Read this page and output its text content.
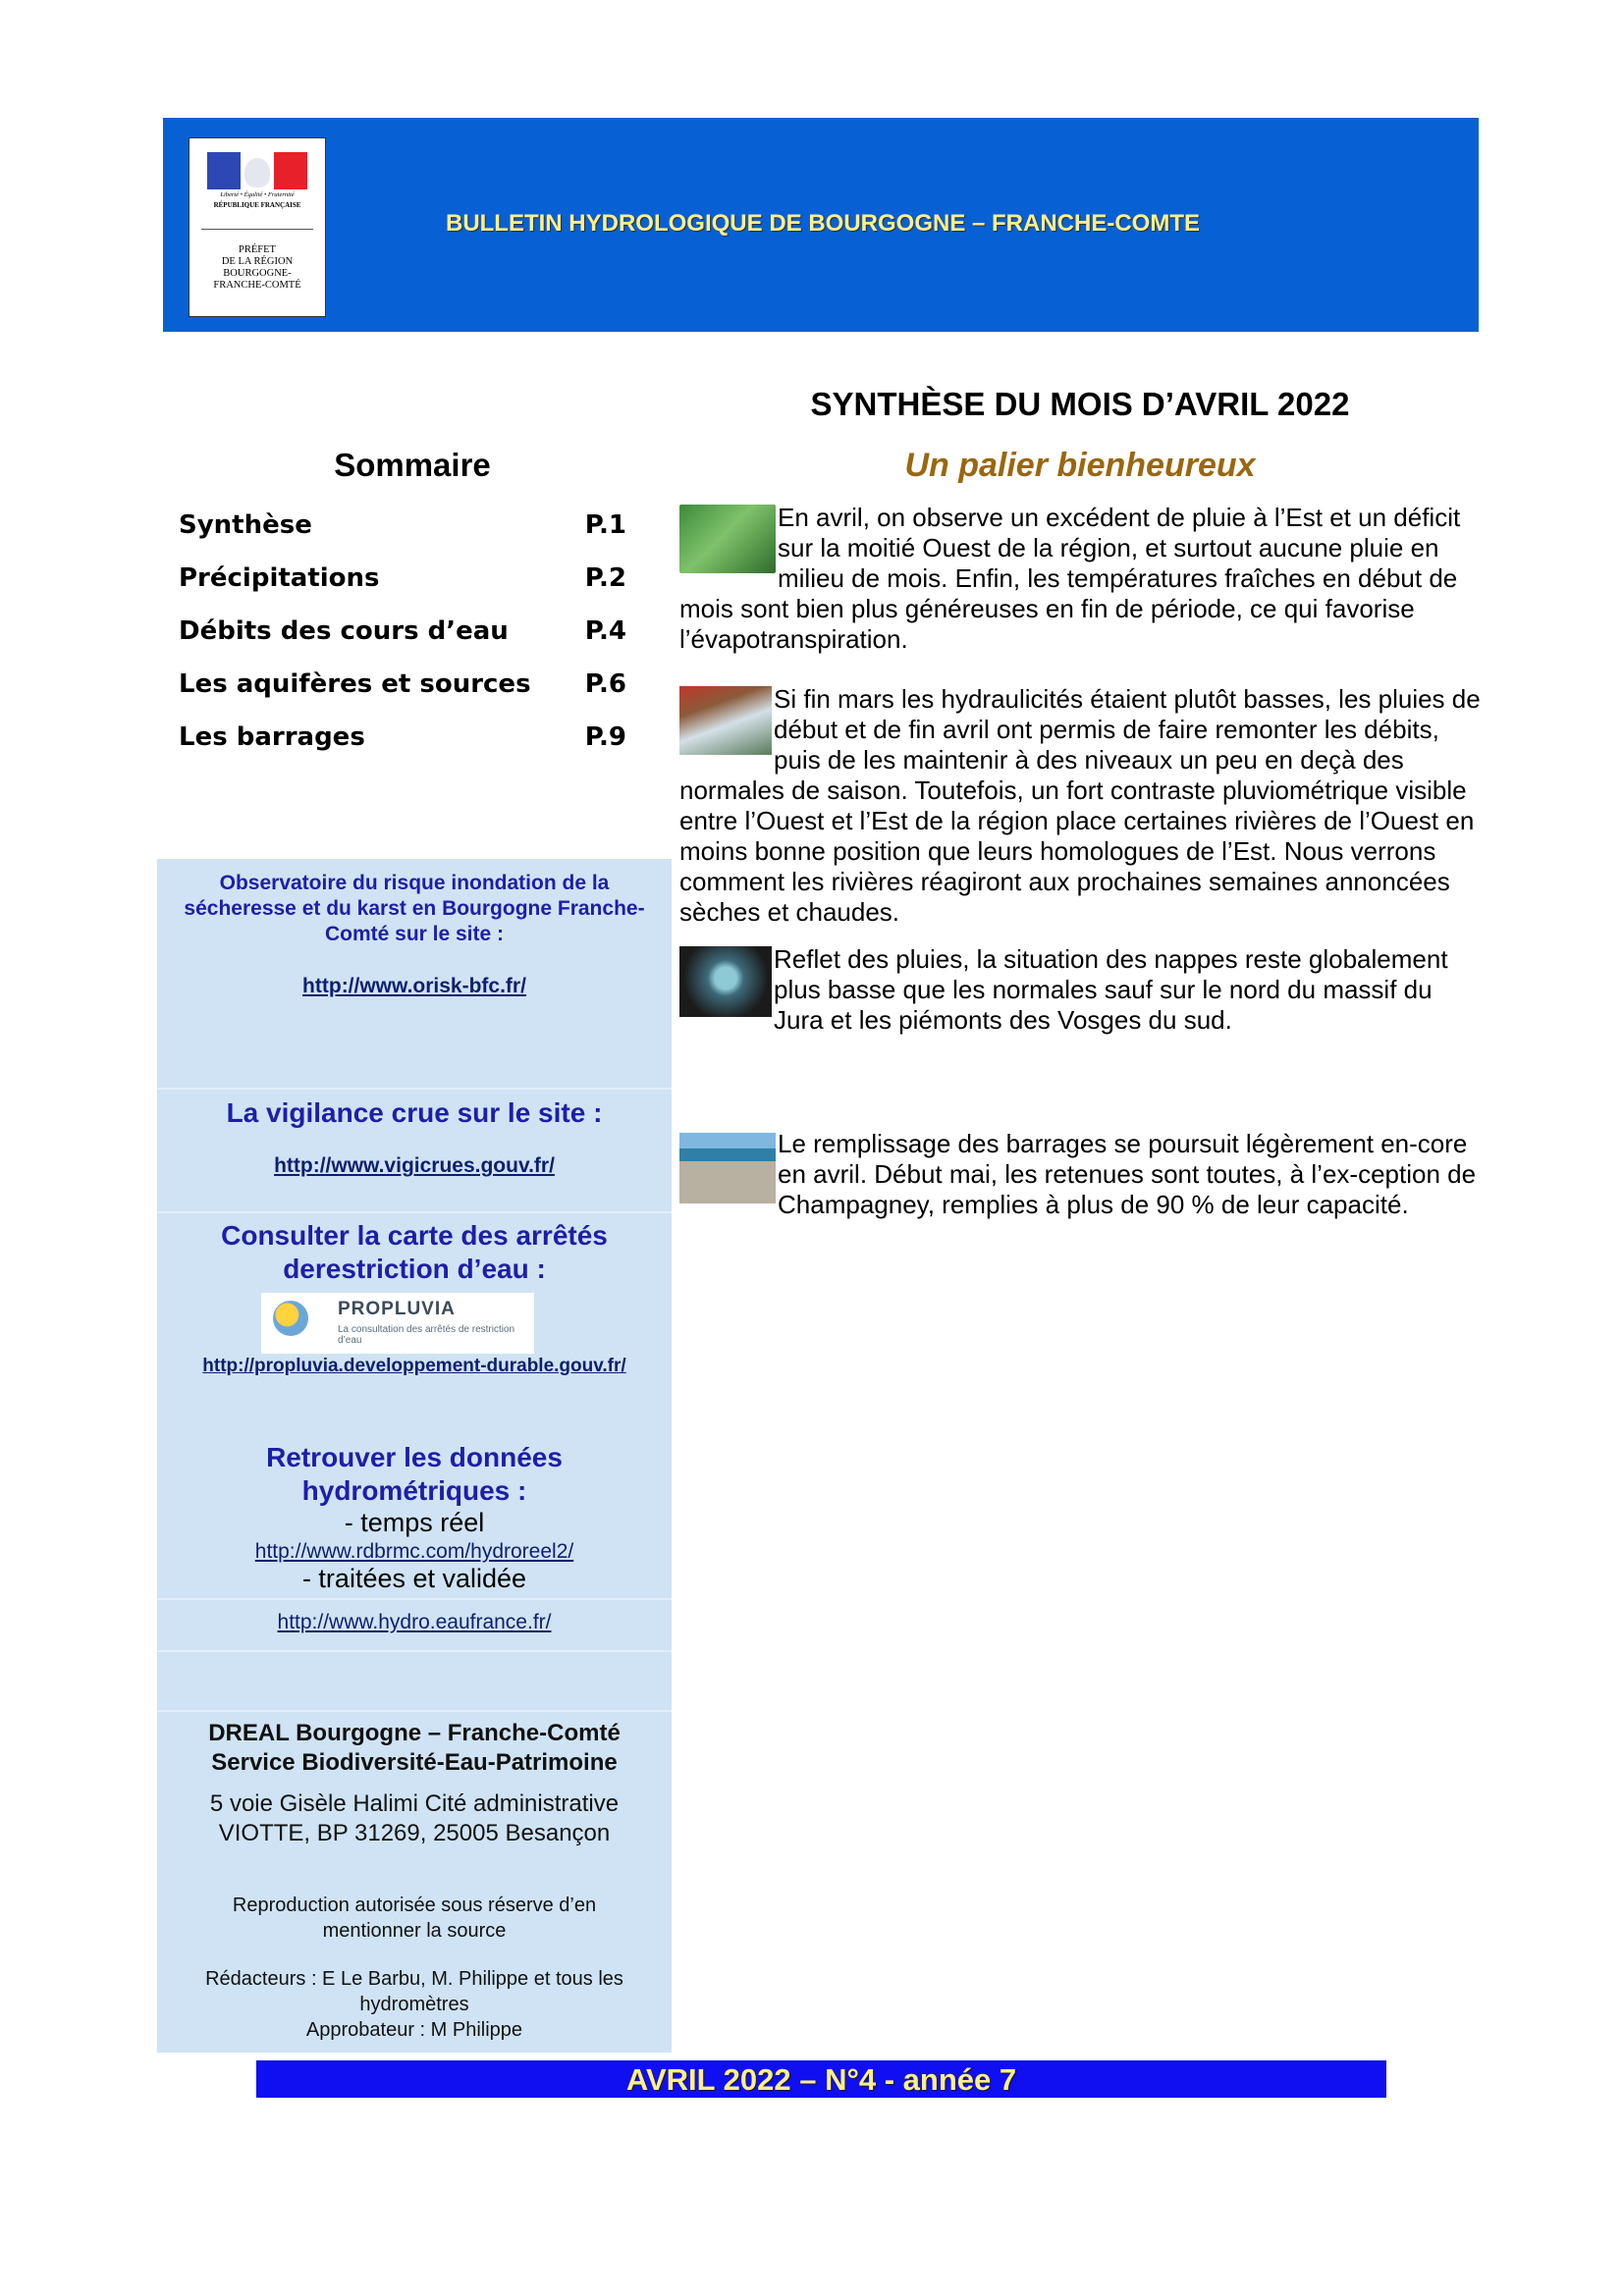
Liberté • Égalité • Fraternité
RÉPUBLIQUE FRANÇAISE
PRÉFET
DE LA RÉGION
BOURGOGNE-
FRANCHE-COMTÉ
BULLETIN HYDROLOGIQUE DE BOURGOGNE – FRANCHE-COMTE
Sommaire
Synthèse	P.1
Précipitations	P.2
Débits des cours d’eau	P.4
Les aquifères et sources P.6
Les barrages	P.9
Observatoire du risque inondation de la
sécheresse et du karst en Bourgogne Franche-
Comté sur le site :
http://www.orisk-bfc.fr/
La vigilance crue sur le site :
http://www.vigicrues.gouv.fr/
Consulter la carte des arrêtés
derestriction d’eau :
PROPLUVIA
La consultation des arrêtés de restriction d’eau
http://propluvia.developpement-durable.gouv.fr/
Retrouver les données
hydrométriques :
- temps réel
http://www.rdbrmc.com/hydroreel2/
- traitées et validée
http://www.hydro.eaufrance.fr/
DREAL Bourgogne – Franche-Comté
Service Biodiversité-Eau-Patrimoine
5 voie Gisèle Halimi Cité administrative
VIOTTE, BP 31269, 25005 Besançon
Reproduction autorisée sous réserve d’en
mentionner la source
Rédacteurs : E Le Barbu, M. Philippe et tous les
hydromètres
Approbateur : M Philippe
AVRIL 2022 – N°4 - année 7
SYNTHÈSE DU MOIS D’AVRIL 2022
Un palier bienheureux

En avril, on observe un excédent de pluie à l’Est et un déficit sur la moitié Ouest de la région, et surtout aucune pluie en milieu de mois. Enfin, les températures fraîches en début de mois sont bien plus généreuses en fin de période, ce qui favorise l’évapotranspiration.

Si fin mars les hydraulicités étaient plutôt basses, les pluies de début et de fin avril ont permis de faire remonter les débits, puis de les maintenir à des niveaux un peu en deçà des normales de saison. Toutefois, un fort contraste pluviométrique visible entre l’Ouest et l’Est de la région place certaines rivières de l’Ouest en moins bonne position que leurs homologues de l’Est. Nous verrons comment les rivières réagiront aux prochaines semaines annoncées sèches et chaudes.

Reflet des pluies, la situation des nappes reste globalement plus basse que les normales sauf sur le nord du massif du Jura et les piémonts des Vosges du sud.

Le remplissage des barrages se poursuit légèrement en-core en avril. Début mai, les retenues sont toutes, à l’ex-ception de Champagney, remplies à plus de 90 % de leur capacité.
